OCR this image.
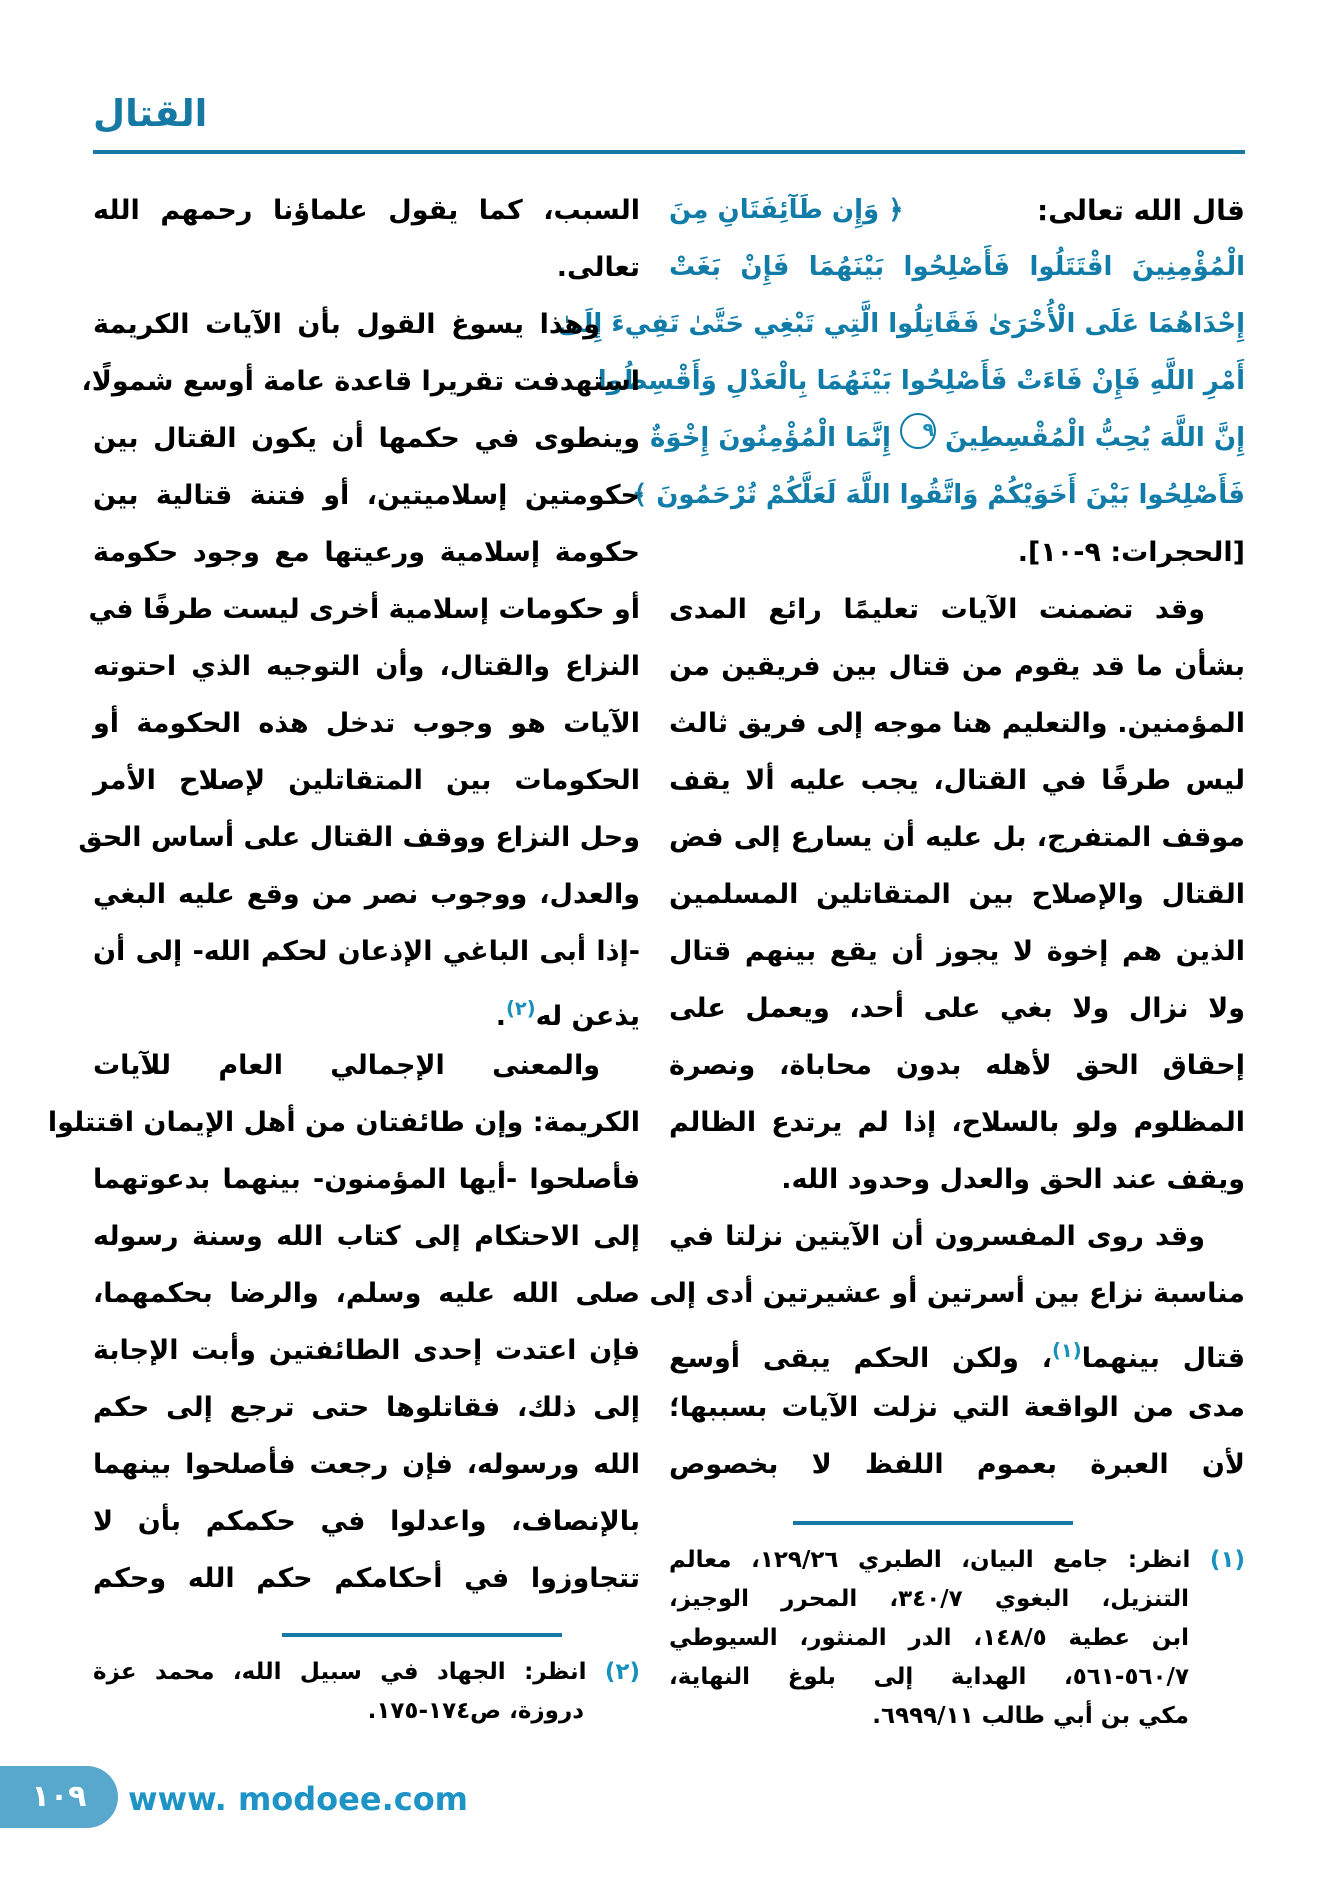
القتال
قال الله تعالى:
﴿ وَإِن طَآئِفَتَانِ مِنَ
الْمُؤْمِنِينَ اقْتَتَلُوا فَأَصْلِحُوا بَيْنَهُمَا فَإِنْ بَغَتْ
إِحْدَاهُمَا عَلَى الْأُخْرَىٰ فَقَاتِلُوا الَّتِي تَبْغِي حَتَّىٰ تَفِيءَ إِلَىٰ
أَمْرِ اللَّهِ فَإِنْ فَاءَتْ فَأَصْلِحُوا بَيْنَهُمَا بِالْعَدْلِ وَأَقْسِطُوا
إِنَّ اللَّهَ يُحِبُّ الْمُقْسِطِينَ ٩ إِنَّمَا الْمُؤْمِنُونَ إِخْوَةٌ
فَأَصْلِحُوا بَيْنَ أَخَوَيْكُمْ وَاتَّقُوا اللَّهَ لَعَلَّكُمْ تُرْحَمُونَ ﴾
[الحجرات: ٩-١٠].
وقد تضمنت الآيات تعليمًا رائع المدى
بشأن ما قد يقوم من قتال بين فريقين من
المؤمنين. والتعليم هنا موجه إلى فريق ثالث
ليس طرفًا في القتال، يجب عليه ألا يقف
موقف المتفرج، بل عليه أن يسارع إلى فض
القتال والإصلاح بين المتقاتلين المسلمين
الذين هم إخوة لا يجوز أن يقع بينهم قتال
ولا نزال ولا بغي على أحد، ويعمل على
إحقاق الحق لأهله بدون محاباة، ونصرة
المظلوم ولو بالسلاح، إذا لم يرتدع الظالم
ويقف عند الحق والعدل وحدود الله.
وقد روى المفسرون أن الآيتين نزلتا في
مناسبة نزاع بين أسرتين أو عشيرتين أدى إلى
قتال بينهما$^{(١)}$، ولكن الحكم يبقى أوسع
مدى من الواقعة التي نزلت الآيات بسببها؛
لأن العبرة بعموم اللفظ لا بخصوص
(١) انظر: جامع البيان، الطبري ١٢٩/٢٦، معالم
التنزيل، البغوي ٣٤٠/٧، المحرر الوجيز،
ابن عطية ١٤٨/٥، الدر المنثور، السيوطي
٥٦٠/٧-٥٦١، الهداية إلى بلوغ النهاية،
مكي بن أبي طالب ٦٩٩٩/١١.
السبب، كما يقول علماؤنا رحمهم الله
تعالى.
وهذا يسوغ القول بأن الآيات الكريمة
استهدفت تقريرا قاعدة عامة أوسع شمولًا،
وينطوى في حكمها أن يكون القتال بين
حكومتين إسلاميتين، أو فتنة قتالية بين
حكومة إسلامية ورعيتها مع وجود حكومة
أو حكومات إسلامية أخرى ليست طرفًا في
النزاع والقتال، وأن التوجيه الذي احتوته
الآيات هو وجوب تدخل هذه الحكومة أو
الحكومات بين المتقاتلين لإصلاح الأمر
وحل النزاع ووقف القتال على أساس الحق
والعدل، ووجوب نصر من وقع عليه البغي
-إذا أبى الباغي الإذعان لحكم الله- إلى أن
يذعن له$^{(٢)}$.
والمعنى الإجمالي العام للآيات
الكريمة: وإن طائفتان من أهل الإيمان اقتتلوا
فأصلحوا -أيها المؤمنون- بينهما بدعوتهما
إلى الاحتكام إلى كتاب الله وسنة رسوله
صلى الله عليه وسلم، والرضا بحكمهما،
فإن اعتدت إحدى الطائفتين وأبت الإجابة
إلى ذلك، فقاتلوها حتى ترجع إلى حكم
الله ورسوله، فإن رجعت فأصلحوا بينهما
بالإنصاف، واعدلوا في حكمكم بأن لا
تتجاوزوا في أحكامكم حكم الله وحكم
(٢) انظر: الجهاد في سبيل الله، محمد عزة
دروزة، ص١٧٤-١٧٥.
١٠٩	www. modoee.com
